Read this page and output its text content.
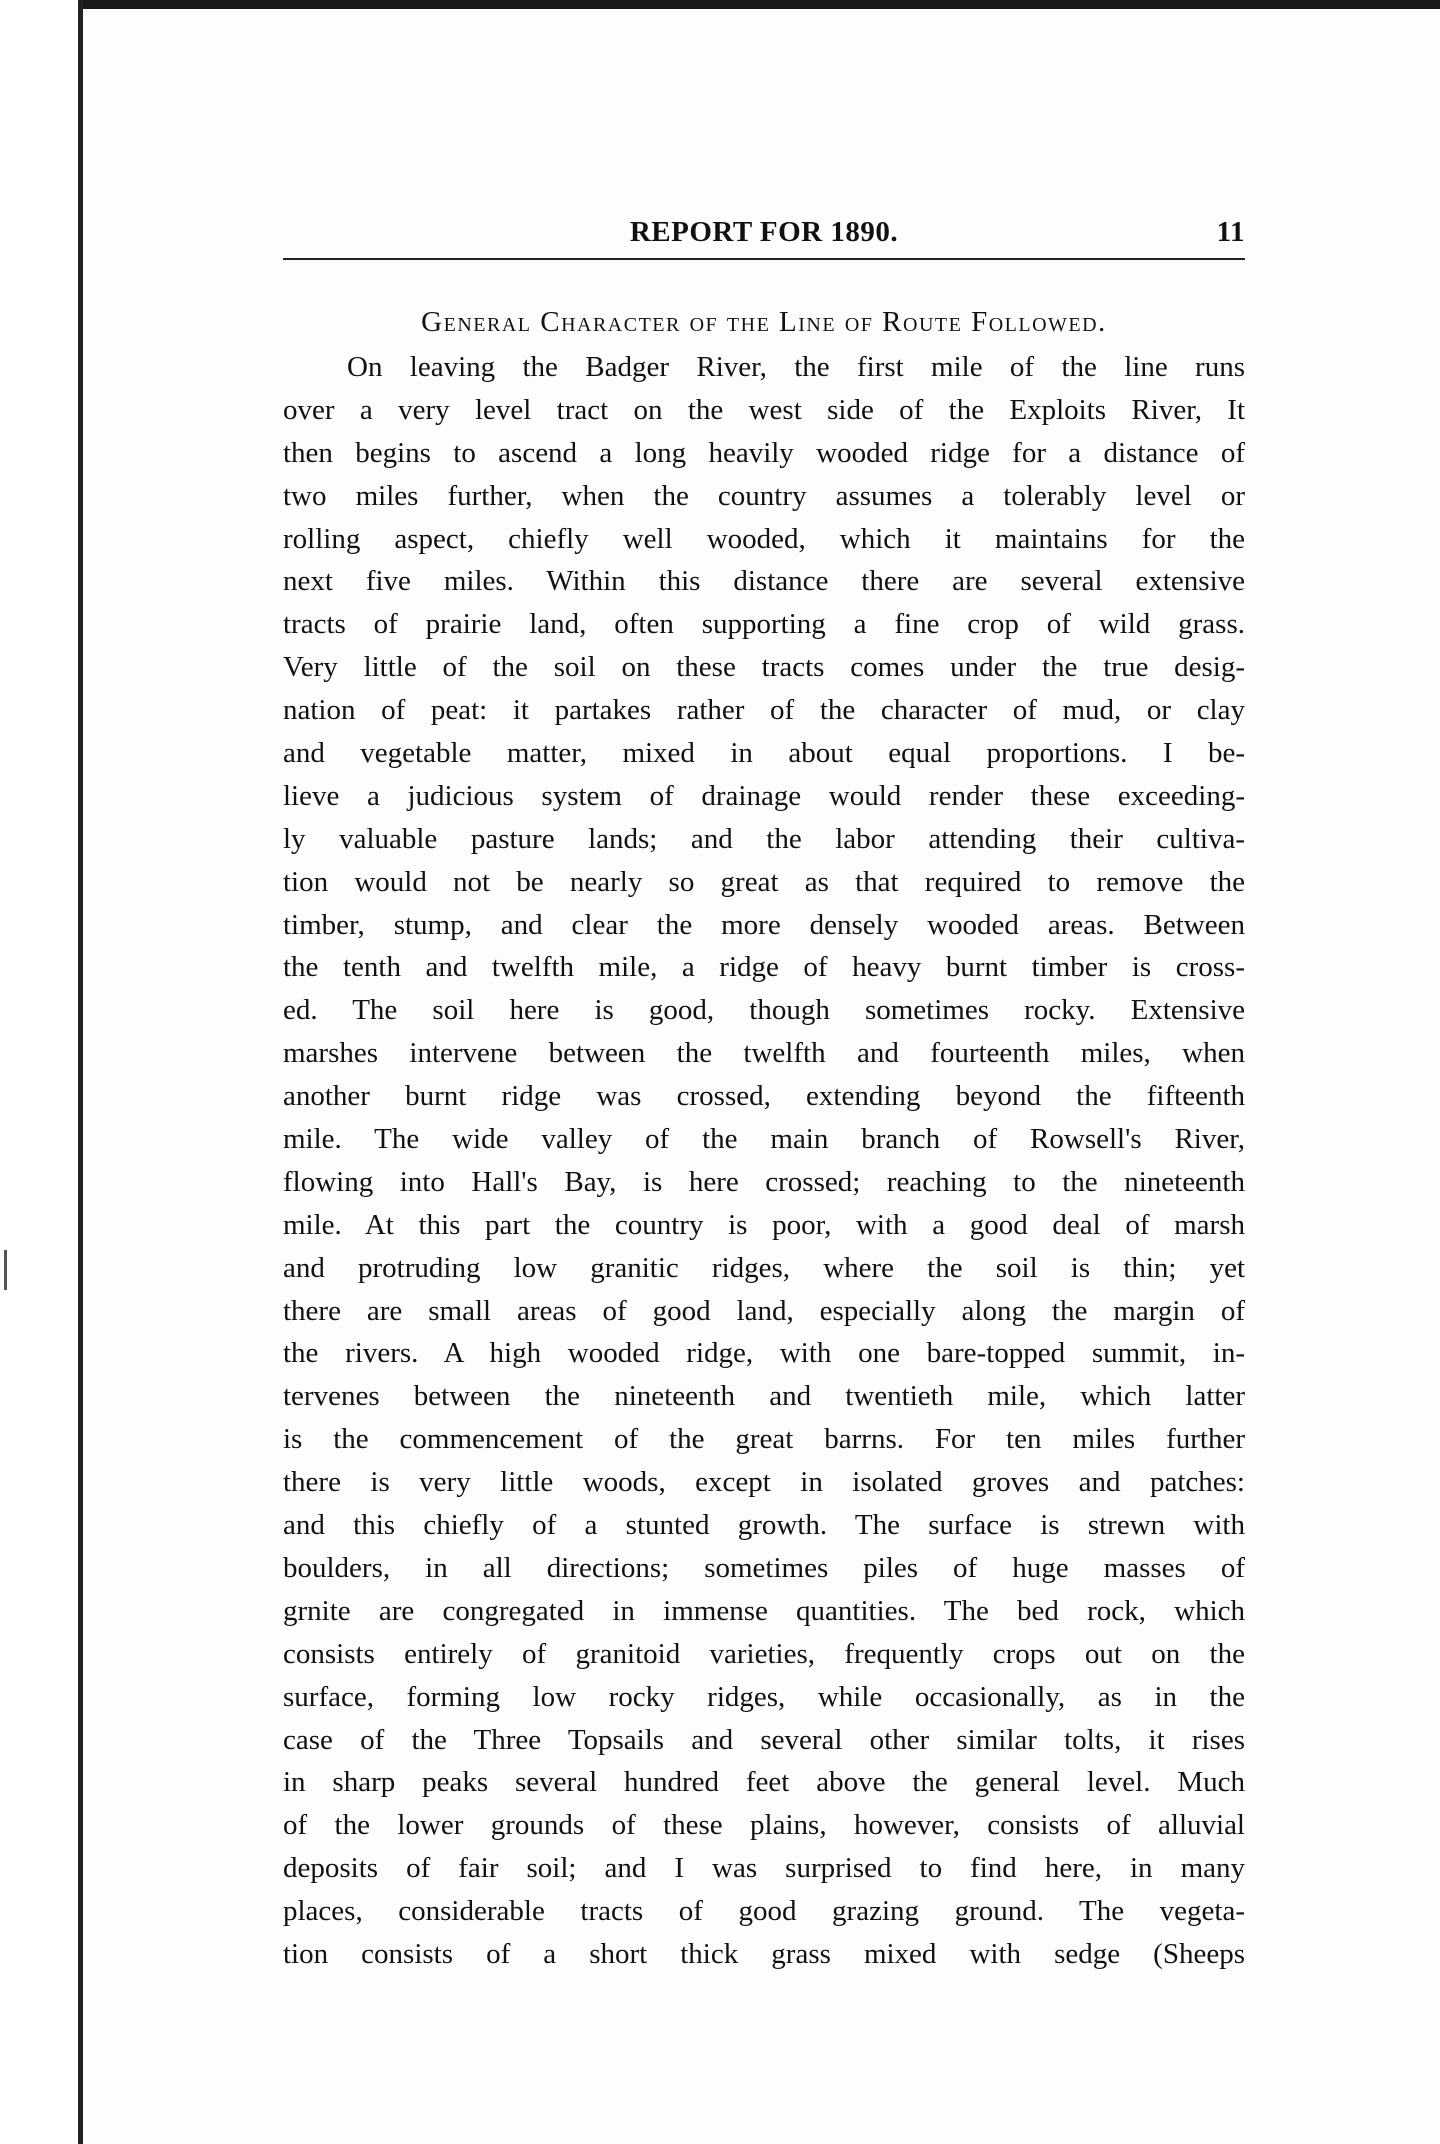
REPORT FOR 1890.	11
General Character of the Line of Route Followed.
On leaving the Badger River, the first mile of the line runs
over a very level tract on the west side of the Exploits River, It
then begins to ascend a long heavily wooded ridge for a distance of
two miles further, when the country assumes a tolerably level or
rolling aspect, chiefly well wooded, which it maintains for the
next five miles. Within this distance there are several extensive
tracts of prairie land, often supporting a fine crop of wild grass.
Very little of the soil on these tracts comes under the true desig-
nation of peat: it partakes rather of the character of mud, or clay
and vegetable matter, mixed in about equal proportions. I be-
lieve a judicious system of drainage would render these exceeding-
ly valuable pasture lands; and the labor attending their cultiva-
tion would not be nearly so great as that required to remove the
timber, stump, and clear the more densely wooded areas. Between
the tenth and twelfth mile, a ridge of heavy burnt timber is cross-
ed. The soil here is good, though sometimes rocky. Extensive
marshes intervene between the twelfth and fourteenth miles, when
another burnt ridge was crossed, extending beyond the fifteenth
mile. The wide valley of the main branch of Rowsell's River,
flowing into Hall's Bay, is here crossed; reaching to the nineteenth
mile. At this part the country is poor, with a good deal of marsh
and protruding low granitic ridges, where the soil is thin; yet
there are small areas of good land, especially along the margin of
the rivers. A high wooded ridge, with one bare-topped summit, in-
tervenes between the nineteenth and twentieth mile, which latter
is the commencement of the great barrns. For ten miles further
there is very little woods, except in isolated groves and patches:
and this chiefly of a stunted growth. The surface is strewn with
boulders, in all directions; sometimes piles of huge masses of
grnite are congregated in immense quantities. The bed rock, which
consists entirely of granitoid varieties, frequently crops out on the
surface, forming low rocky ridges, while occasionally, as in the
case of the Three Topsails and several other similar tolts, it rises
in sharp peaks several hundred feet above the general level. Much
of the lower grounds of these plains, however, consists of alluvial
deposits of fair soil; and I was surprised to find here, in many
places, considerable tracts of good grazing ground. The vegeta-
tion consists of a short thick grass mixed with sedge (Sheeps
